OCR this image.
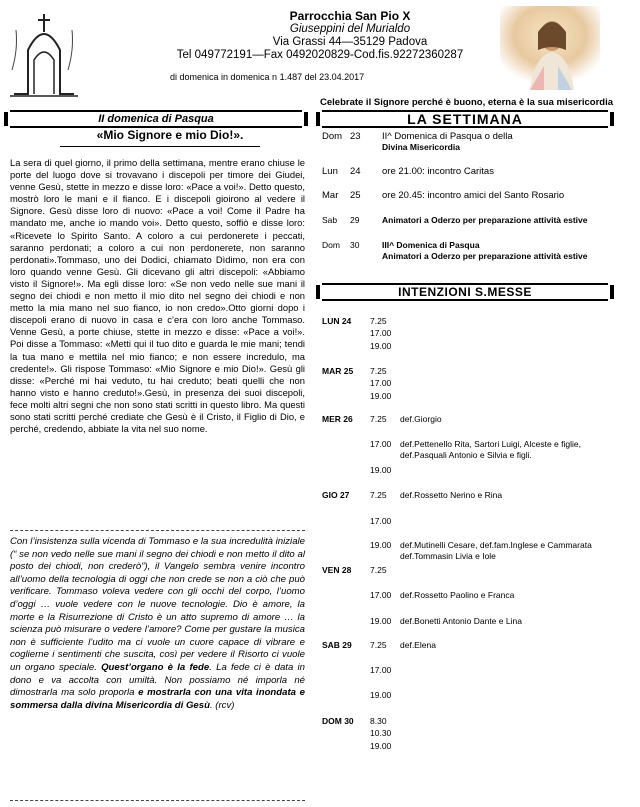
Parrocchia San Pio X
Giuseppini del Murialdo
Via Grassi 44—35129 Padova
Tel 049772191—Fax 0492020829-Cod.fis.92272360287
di domenica in domenica n 1.487 del 23.04.2017
Celebrate il Signore perché è buono, eterna è la sua misericordia
II domenica di Pasqua
«Mio Signore e mio Dio!».
La sera di quel giorno, il primo della settimana, mentre erano chiuse le porte del luogo dove si trovavano i discepoli per timore dei Giudei, venne Gesù, stette in mezzo e disse loro: «Pace a voi!». Detto questo, mostrò loro le mani e il fianco. E i discepoli gioirono al vedere il Signore. Gesù disse loro di nuovo: «Pace a voi! Come il Padre ha mandato me, anche io mando voi». Detto questo, soffiò e disse loro: «Ricevete lo Spirito Santo. A coloro a cui perdonerete i peccati, saranno perdonati; a coloro a cui non perdonerete, non saranno perdonati».Tommaso, uno dei Dodici, chiamato Dìdimo, non era con loro quando venne Gesù. Gli dicevano gli altri discepoli: «Abbiamo visto il Signore!». Ma egli disse loro: «Se non vedo nelle sue mani il segno dei chiodi e non metto il mio dito nel segno dei chiodi e non metto la mia mano nel suo fianco, io non credo».Otto giorni dopo i discepoli erano di nuovo in casa e c’era con loro anche Tommaso. Venne Gesù, a porte chiuse, stette in mezzo e disse: «Pace a voi!». Poi disse a Tommaso: «Metti qui il tuo dito e guarda le mie mani; tendi la tua mano e mettila nel mio fianco; e non essere incredulo, ma credente!». Gli rispose Tommaso: «Mio Signore e mio Dio!». Gesù gli disse: «Perché mi hai veduto, tu hai creduto; beati quelli che non hanno visto e hanno creduto!».Gesù, in presenza dei suoi discepoli, fece molti altri segni che non sono stati scritti in questo libro. Ma questi sono stati scritti perché crediate che Gesù è il Cristo, il Figlio di Dio, e perché, credendo, abbiate la vita nel suo nome.
Con l’insistenza sulla vicenda di Tommaso e la sua incredulità iniziale (“ se non vedo nelle sue mani il segno dei chiodi e non metto il dito al posto dei chiodi, non crederò”), il Vangelo sembra venire incontro all’uomo della tecnologia di oggi che non crede se non a ciò che può verificare. Tommaso voleva vedere con gli occhi del corpo, l’uomo d’oggi … vuole vedere con le nuove tecnologie. Dio è amore, la morte e la Risurrezione di Cristo è un atto supremo di amore … la scienza può misurare o vedere l’amore? Come per gustare la musica non è sufficiente l’udito ma ci vuole un cuore capace di vibrare e coglierne i sentimenti che suscita, così per vedere il Risorto ci vuole un organo speciale. Quest’organo è la fede. La fede ci è data in dono e va accolta con umiltà. Non possiamo né imporla né dimostrarla ma solo proporla e mostrarla con una vita inondata e sommersa dalla divina Misericordia di Gesù. (rcv)
LA SETTIMANA
Dom 23 II^ Domenica di Pasqua o della
Divina Misericordia
Lun 24 ore 21.00: incontro Caritas
Mar 25 ore 20.45: incontro amici del Santo Rosario
Sab 29	Animatori a Oderzo per preparazione attività estive
Dom 30	III^ Domenica di Pasqua
Animatori a Oderzo per preparazione attività estive
INTENZIONI S.MESSE
LUN 24 7.25
17.00
19.00
MAR 25 7.25
17.00
19.00
MER 26 7.25 def.Giorgio
17.00 def.Pettenello Rita, Sartori Luigi, Alceste e figlie, def.Pasquali Antonio e Silvia e figli.
19.00
GIO 27 7.25 def.Rossetto Nerino e Rina
17.00
19.00 def.Mutinelli Cesare, def.fam.Inglese e Cammarata def.Tommasin Livia e Iole
VEN 28 7.25
17.00 def.Rossetto Paolino e Franca
19.00 def.Bonetti Antonio Dante e Lina
SAB 29 7.25 def.Elena
17.00
19.00
DOM 30 8.30
10.30
19.00
